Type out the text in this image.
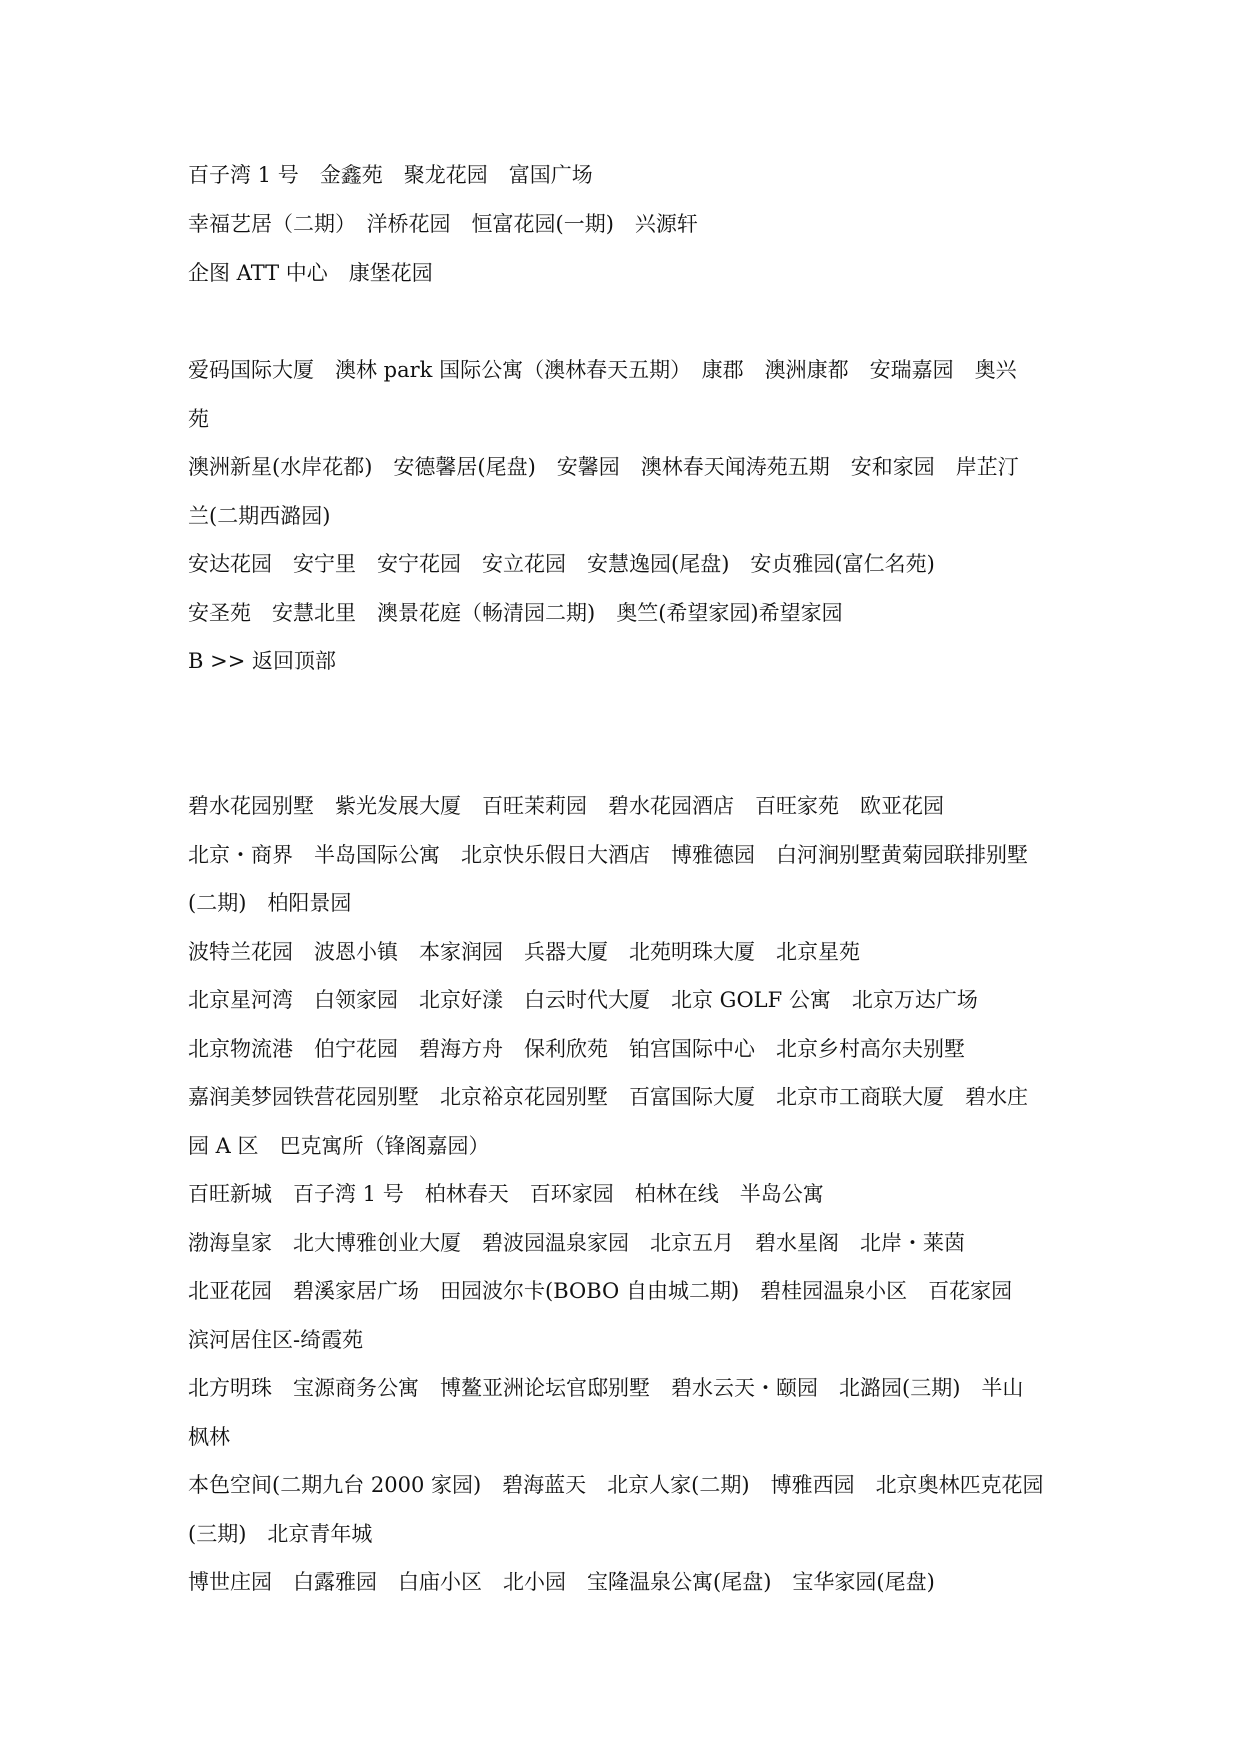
百子湾 1 号　金鑫苑　聚龙花园　富国广场
幸福艺居（二期）　洋桥花园　恒富花园(一期)　兴源轩
企图 ATT 中心　康堡花园
爱码国际大厦　澳林 park 国际公寓（澳林春天五期）　康郡　澳洲康都　安瑞嘉园　奥兴
苑
澳洲新星(水岸花都)　安德馨居(尾盘)　安馨园　澳林春天闻涛苑五期　安和家园　岸芷汀
兰(二期西潞园)
安达花园　安宁里　安宁花园　安立花园　安慧逸园(尾盘)　安贞雅园(富仁名苑)
安圣苑　安慧北里　澳景花庭（畅清园二期)　奥竺(希望家园)希望家园
B >> 返回顶部
碧水花园别墅　紫光发展大厦　百旺茉莉园　碧水花园酒店　百旺家苑　欧亚花园
北京・商界　半岛国际公寓　北京快乐假日大酒店　博雅德园　白河涧别墅黄菊园联排别墅
(二期)　柏阳景园
波特兰花园　波恩小镇　本家润园　兵器大厦　北苑明珠大厦　北京星苑
北京星河湾　白领家园　北京好漾　白云时代大厦　北京 GOLF 公寓　北京万达广场
北京物流港　伯宁花园　碧海方舟　保利欣苑　铂宫国际中心　北京乡村高尔夫别墅
嘉润美梦园铁营花园别墅　北京裕京花园别墅　百富国际大厦　北京市工商联大厦　碧水庄
园 A 区　巴克寓所（锋阁嘉园）
百旺新城　百子湾 1 号　柏林春天　百环家园　柏林在线　半岛公寓
渤海皇家　北大博雅创业大厦　碧波园温泉家园　北京五月　碧水星阁　北岸・莱茵
北亚花园　碧溪家居广场　田园波尔卡(BOBO 自由城二期)　碧桂园温泉小区　百花家园
滨河居住区-绮霞苑
北方明珠　宝源商务公寓　博鳌亚洲论坛官邸别墅　碧水云天・颐园　北潞园(三期)　半山
枫林
本色空间(二期九台 2000 家园)　碧海蓝天　北京人家(二期)　博雅西园　北京奥林匹克花园
(三期)　北京青年城
博世庄园　白露雅园　白庙小区　北小园　宝隆温泉公寓(尾盘)　宝华家园(尾盘)
